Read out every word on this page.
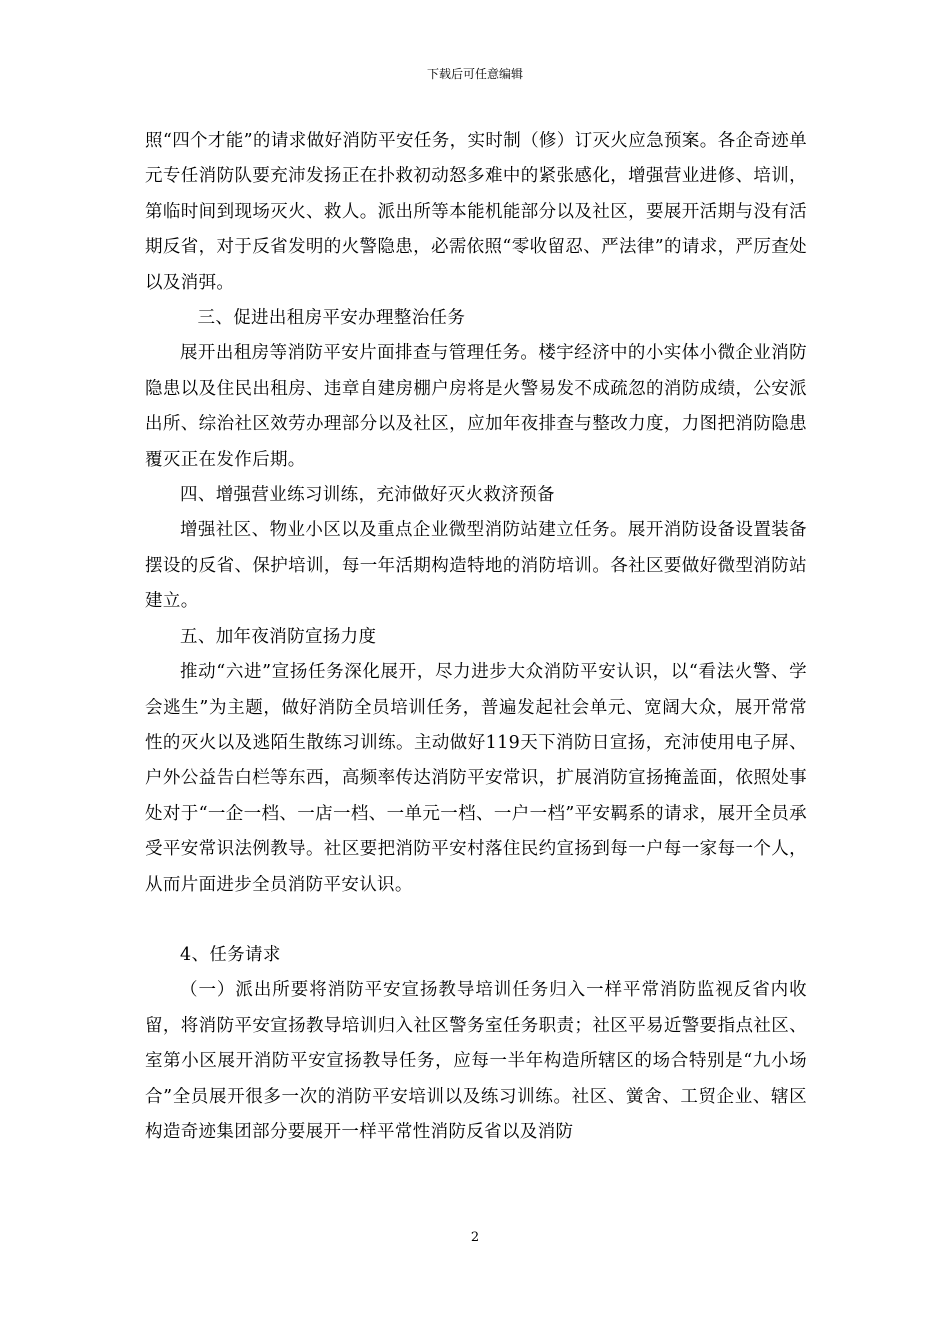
下载后可任意编辑

照“四个才能”的请求做好消防平安任务，实时制（修）订灭火应急预案。各企奇迹单元专任消防队要充沛发扬正在扑救初动怒多难中的紧张感化，增强营业进修、培训，第临时间到现场灭火、救人。派出所等本能机能部分以及社区，要展开活期与没有活期反省，对于反省发明的火警隐患，必需依照“零收留忍、严法律”的请求，严厉查处以及消弭。

三、促进出租房平安办理整治任务

展开出租房等消防平安片面排查与管理任务。楼宇经济中的小实体小微企业消防隐患以及住民出租房、违章自建房棚户房将是火警易发不成疏忽的消防成绩，公安派出所、综治社区效劳办理部分以及社区，应加年夜排查与整改力度，力图把消防隐患覆灭正在发作后期。

四、增强营业练习训练，充沛做好灭火救济预备

增强社区、物业小区以及重点企业微型消防站建立任务。展开消防设备设置装备摆设的反省、保护培训，每一年活期构造特地的消防培训。各社区要做好微型消防站建立。

五、加年夜消防宣扬力度

推动“六进”宣扬任务深化展开，尽力进步大众消防平安认识，以“看法火警、学会逃生”为主题，做好消防全员培训任务，普遍发起社会单元、宽阔大众，展开常常性的灭火以及逃陌生散练习训练。主动做好119天下消防日宣扬，充沛使用电子屏、户外公益告白栏等东西，高频率传达消防平安常识，扩展消防宣扬掩盖面，依照处事处对于“一企一档、一店一档、一单元一档、一户一档”平安羁系的请求，展开全员承受平安常识法例教导。社区要把消防平安村落住民约宣扬到每一户每一家每一个人，从而片面进步全员消防平安认识。

4、任务请求

（一）派出所要将消防平安宣扬教导培训任务归入一样平常消防监视反省内收留，将消防平安宣扬教导培训归入社区警务室任务职责；社区平易近警要指点社区、室第小区展开消防平安宣扬教导任务，应每一半年构造所辖区的场合特别是“九小场合”全员展开很多一次的消防平安培训以及练习训练。社区、黉舍、工贸企业、辖区构造奇迹集团部分要展开一样平常性消防反省以及消防

2
